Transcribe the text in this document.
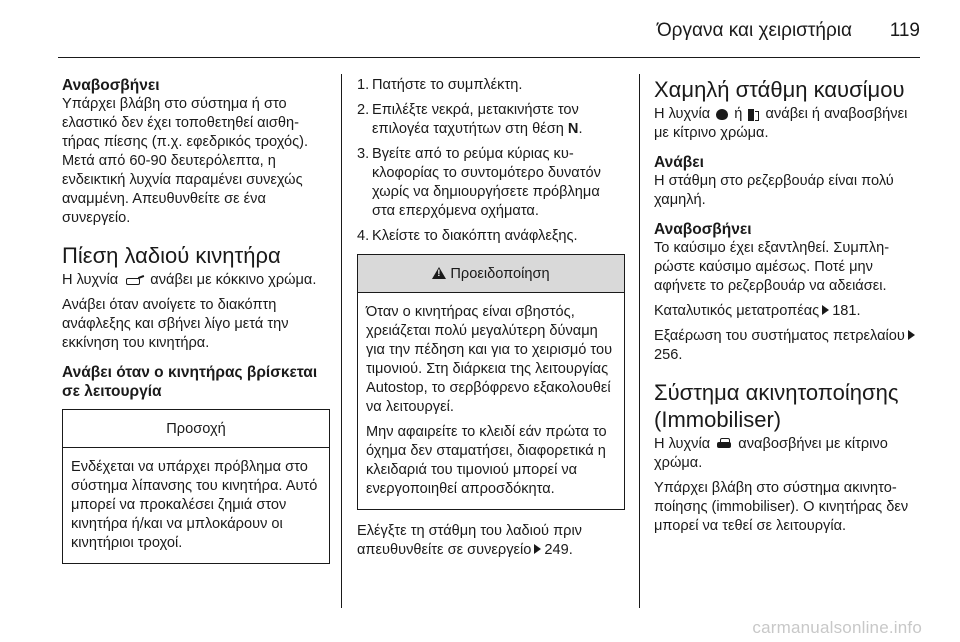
Όργανα και χειριστήρια 119
Αναβοσβήνει

Υπάρχει βλάβη στο σύστημα ή στο ελαστικό δεν έχει τοποθετηθεί αισθητήρας πίεσης (π.χ. εφεδρικός τροχός). Μετά από 60-90 δευτερόλεπτα, η ενδεικτική λυχνία παραμένει συνεχώς αναμμένη. Απευθυνθείτε σε ένα συνεργείο.

Πίεση λαδιού κινητήρα

Η λυχνία ανάβει με κόκκινο χρώμα.

Ανάβει όταν ανοίγετε το διακόπτη ανάφλεξης και σβήνει λίγο μετά την εκκίνηση του κινητήρα.

Ανάβει όταν ο κινητήρας βρίσκεται σε λειτουργία
Προσοχή

Ενδέχεται να υπάρχει πρόβλημα στο σύστημα λίπανσης του κινητήρα. Αυτό μπορεί να προκαλέσει ζημιά στον κινητήρα ή/και να μπλοκάρουν οι κινητήριοι τροχοί.

1. Πατήστε το συμπλέκτη.
2. Επιλέξτε νεκρά, μετακινήστε τον επιλογέα ταχυτήτων στη θέση N.
3. Βγείτε από το ρεύμα κύριας κυκλοφορίας το συντομότερο δυνατόν χωρίς να δημιουργήσετε πρόβλημα στα επερχόμενα οχήματα.
4. Κλείστε το διακόπτη ανάφλεξης.
!Προειδοποίηση

Όταν ο κινητήρας είναι σβηστός, χρειάζεται πολύ μεγαλύτερη δύναμη για την πέδηση και για το χειρισμό του τιμονιού. Στη διάρκεια της λειτουργίας Autostop, το σερβόφρενο εξακολουθεί να λειτουργεί.

Μην αφαιρείτε το κλειδί εάν πρώτα το όχημα δεν σταματήσει, διαφορετικά η κλειδαριά του τιμονιού μπορεί να ενεργοποιηθεί απροσδόκητα.

Ελέγξτε τη στάθμη του λαδιού πριν απευθυνθείτε σε συνεργείο 249.

Χαμηλή στάθμη καυσίμου

Η λυχνία ή ανάβει ή αναβοσβήνει με κίτρινο χρώμα.

Ανάβει

Η στάθμη στο ρεζερβουάρ είναι πολύ χαμηλή.

Αναβοσβήνει

Το καύσιμο έχει εξαντληθεί. Συμπληρώστε καύσιμο αμέσως. Ποτέ μην αφήνετε το ρεζερβουάρ να αδειάσει.

Καταλυτικός μετατροπέας 181.

Εξαέρωση του συστήματος πετρελαίου256.

Σύστημα ακινητοποίησης (Immobiliser)

Η λυχνία αναβοσβήνει με κίτρινο χρώμα.

Υπάρχει βλάβη στο σύστημα ακινητοποίησης (immobiliser). Ο κινητήρας δεν μπορεί να τεθεί σε λειτουργία.

carmanualsonline.info
